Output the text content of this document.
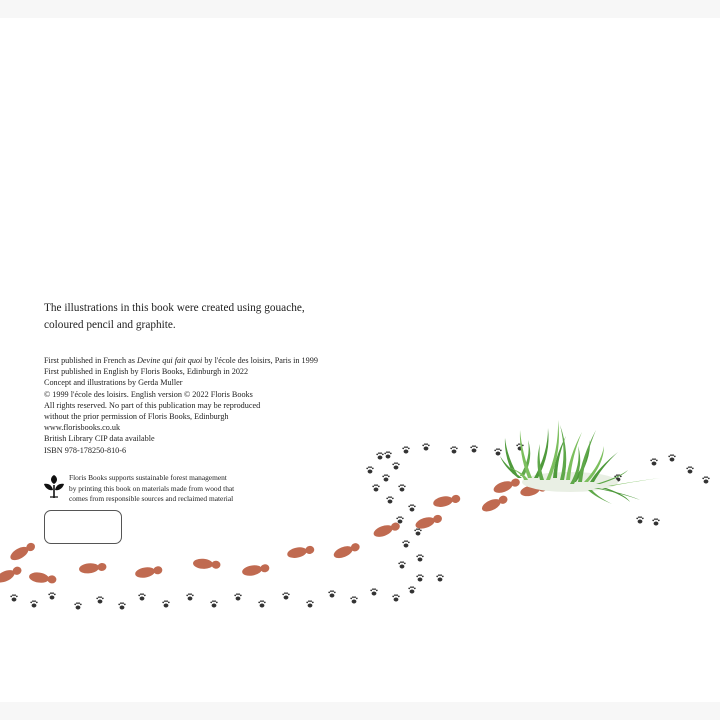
The illustrations in this book were created using gouache,
coloured pencil and graphite.

First published in French as Devine qui fait quoi by l'école des loisirs, Paris in 1999
First published in English by Floris Books, Edinburgh in 2022
Concept and illustrations by Gerda Muller
© 1999 l'école des loisirs. English version © 2022 Floris Books
All rights reserved. No part of this publication may be reproduced
without the prior permission of Floris Books, Edinburgh
www.florisbooks.co.uk
British Library CIP data available
ISBN 978-178250-810-6
Floris Books supports sustainable forest management
by printing this book on materials made from wood that
comes from responsible sources and reclaimed material
